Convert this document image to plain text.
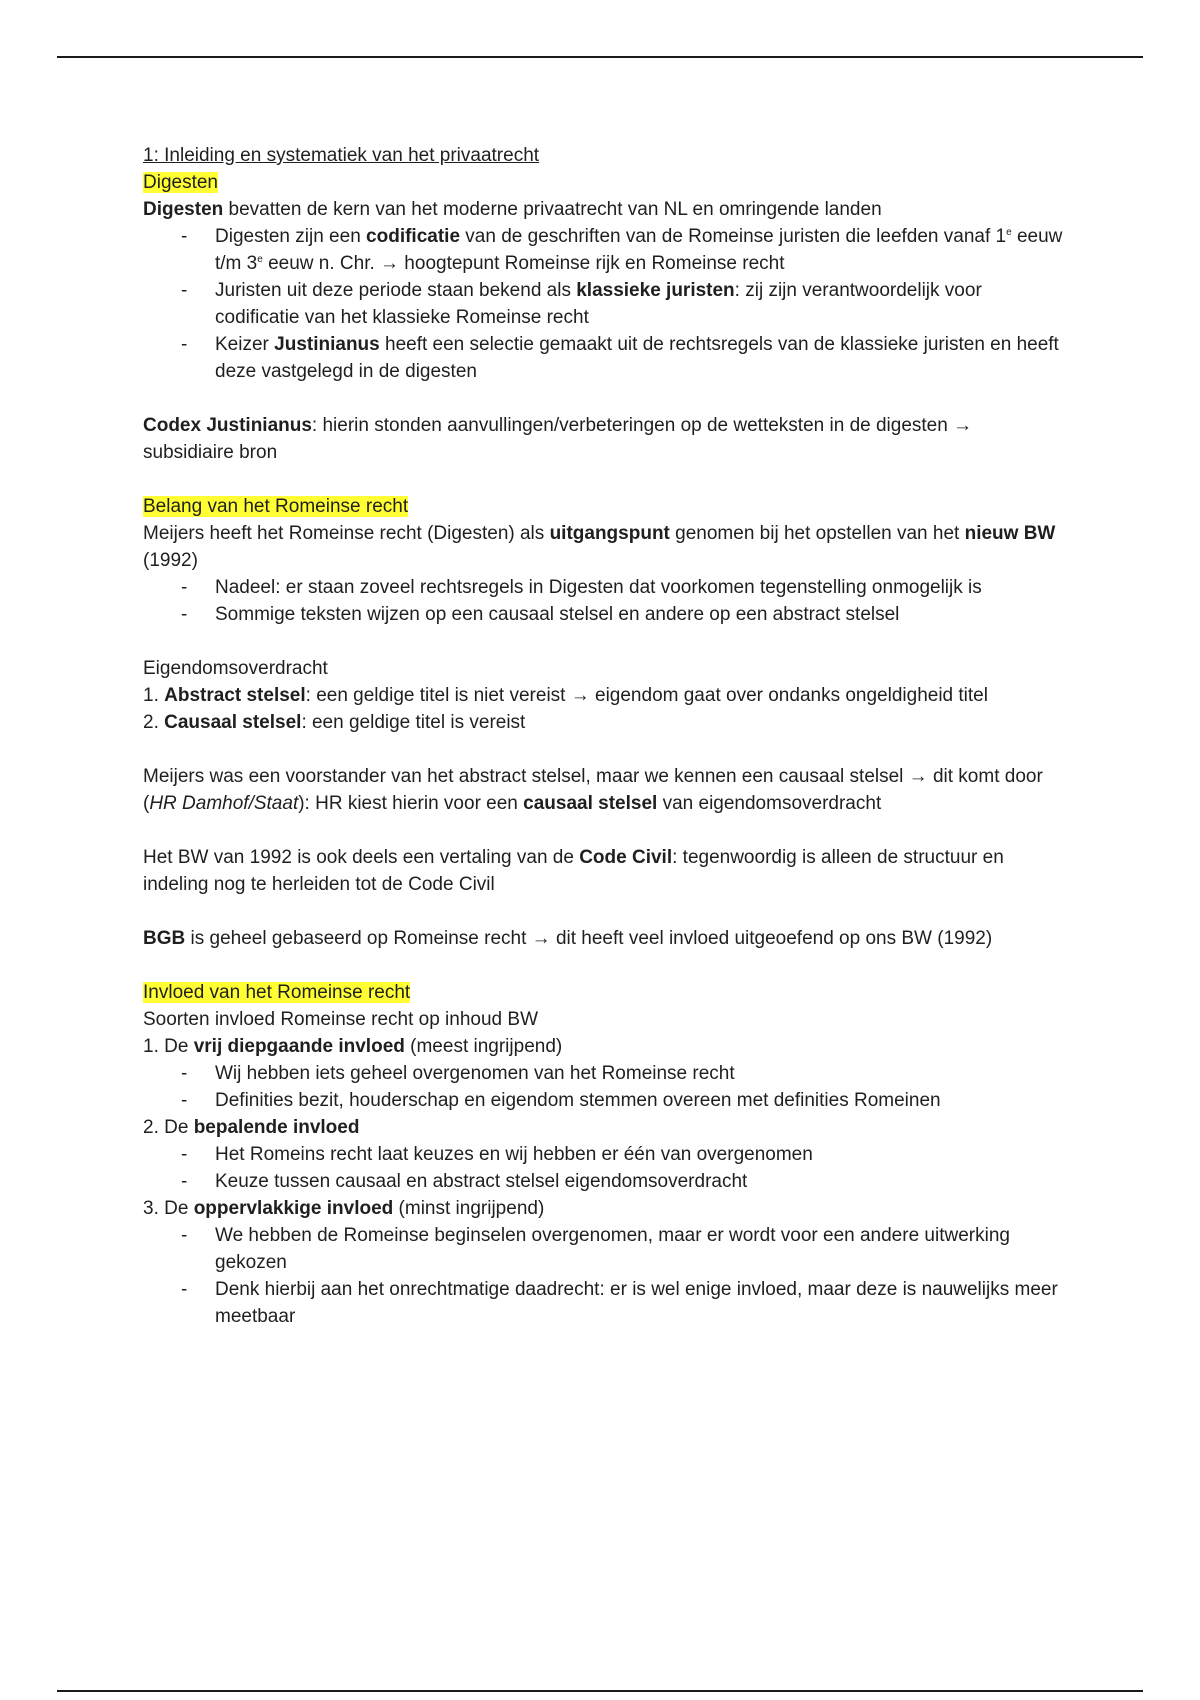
1: Inleiding en systematiek van het privaatrecht

Digesten

Digesten bevatten de kern van het moderne privaatrecht van NL en omringende landen

- Digesten zijn een codificatie van de geschriften van de Romeinse juristen die leefden vanaf 1e eeuw t/m 3e eeuw n. Chr. → hoogtepunt Romeinse rijk en Romeinse recht
- Juristen uit deze periode staan bekend als klassieke juristen: zij zijn verantwoordelijk voor codificatie van het klassieke Romeinse recht
- Keizer Justinianus heeft een selectie gemaakt uit de rechtsregels van de klassieke juristen en heeft deze vastgelegd in de digesten

Codex Justinianus: hierin stonden aanvullingen/verbeteringen op de wetteksten in de digesten → subsidiaire bron

Belang van het Romeinse recht

Meijers heeft het Romeinse recht (Digesten) als uitgangspunt genomen bij het opstellen van het nieuw BW (1992)

- Nadeel: er staan zoveel rechtsregels in Digesten dat voorkomen tegenstelling onmogelijk is
- Sommige teksten wijzen op een causaal stelsel en andere op een abstract stelsel

Eigendomsoverdracht

1. Abstract stelsel: een geldige titel is niet vereist → eigendom gaat over ondanks ongeldigheid titel

2. Causaal stelsel: een geldige titel is vereist

Meijers was een voorstander van het abstract stelsel, maar we kennen een causaal stelsel → dit komt door (HR Damhof/Staat): HR kiest hierin voor een causaal stelsel van eigendomsoverdracht

Het BW van 1992 is ook deels een vertaling van de Code Civil: tegenwoordig is alleen de structuur en indeling nog te herleiden tot de Code Civil

BGB is geheel gebaseerd op Romeinse recht → dit heeft veel invloed uitgeoefend op ons BW (1992)

Invloed van het Romeinse recht

Soorten invloed Romeinse recht op inhoud BW

1. De vrij diepgaande invloed (meest ingrijpend)

- Wij hebben iets geheel overgenomen van het Romeinse recht
- Definities bezit, houderschap en eigendom stemmen overeen met definities Romeinen

2. De bepalende invloed

- Het Romeins recht laat keuzes en wij hebben er één van overgenomen
- Keuze tussen causaal en abstract stelsel eigendomsoverdracht

3. De oppervlakkige invloed (minst ingrijpend)

- We hebben de Romeinse beginselen overgenomen, maar er wordt voor een andere uitwerking gekozen
- Denk hierbij aan het onrechtmatige daadrecht: er is wel enige invloed, maar deze is nauwelijks meer meetbaar
